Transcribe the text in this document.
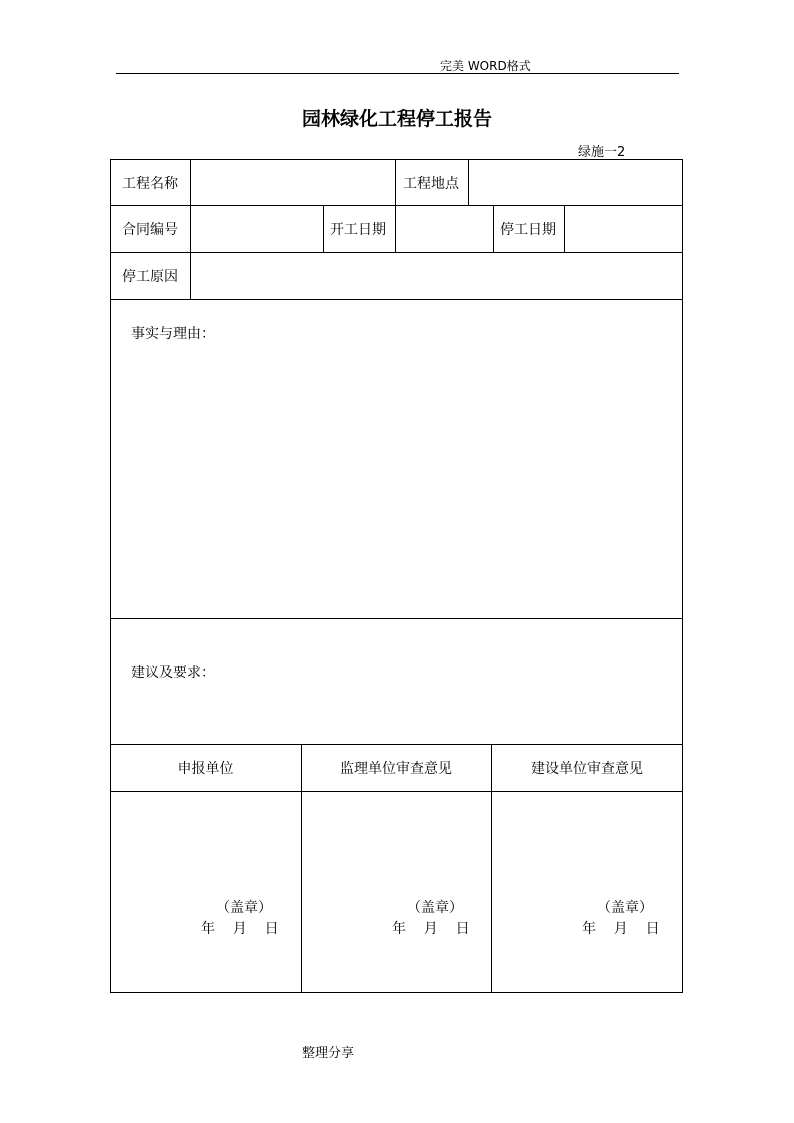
完美 WORD格式
园林绿化工程停工报告
绿施一2
工程名称	工程地点
合同编号	开工日期	停工日期
停工原因
事实与理由：
建议及要求：
申报单位	监理单位审查意见	建设单位审查意见
（盖章）
年    月    日
（盖章）
年    月    日
（盖章）
年    月    日
整理分享
